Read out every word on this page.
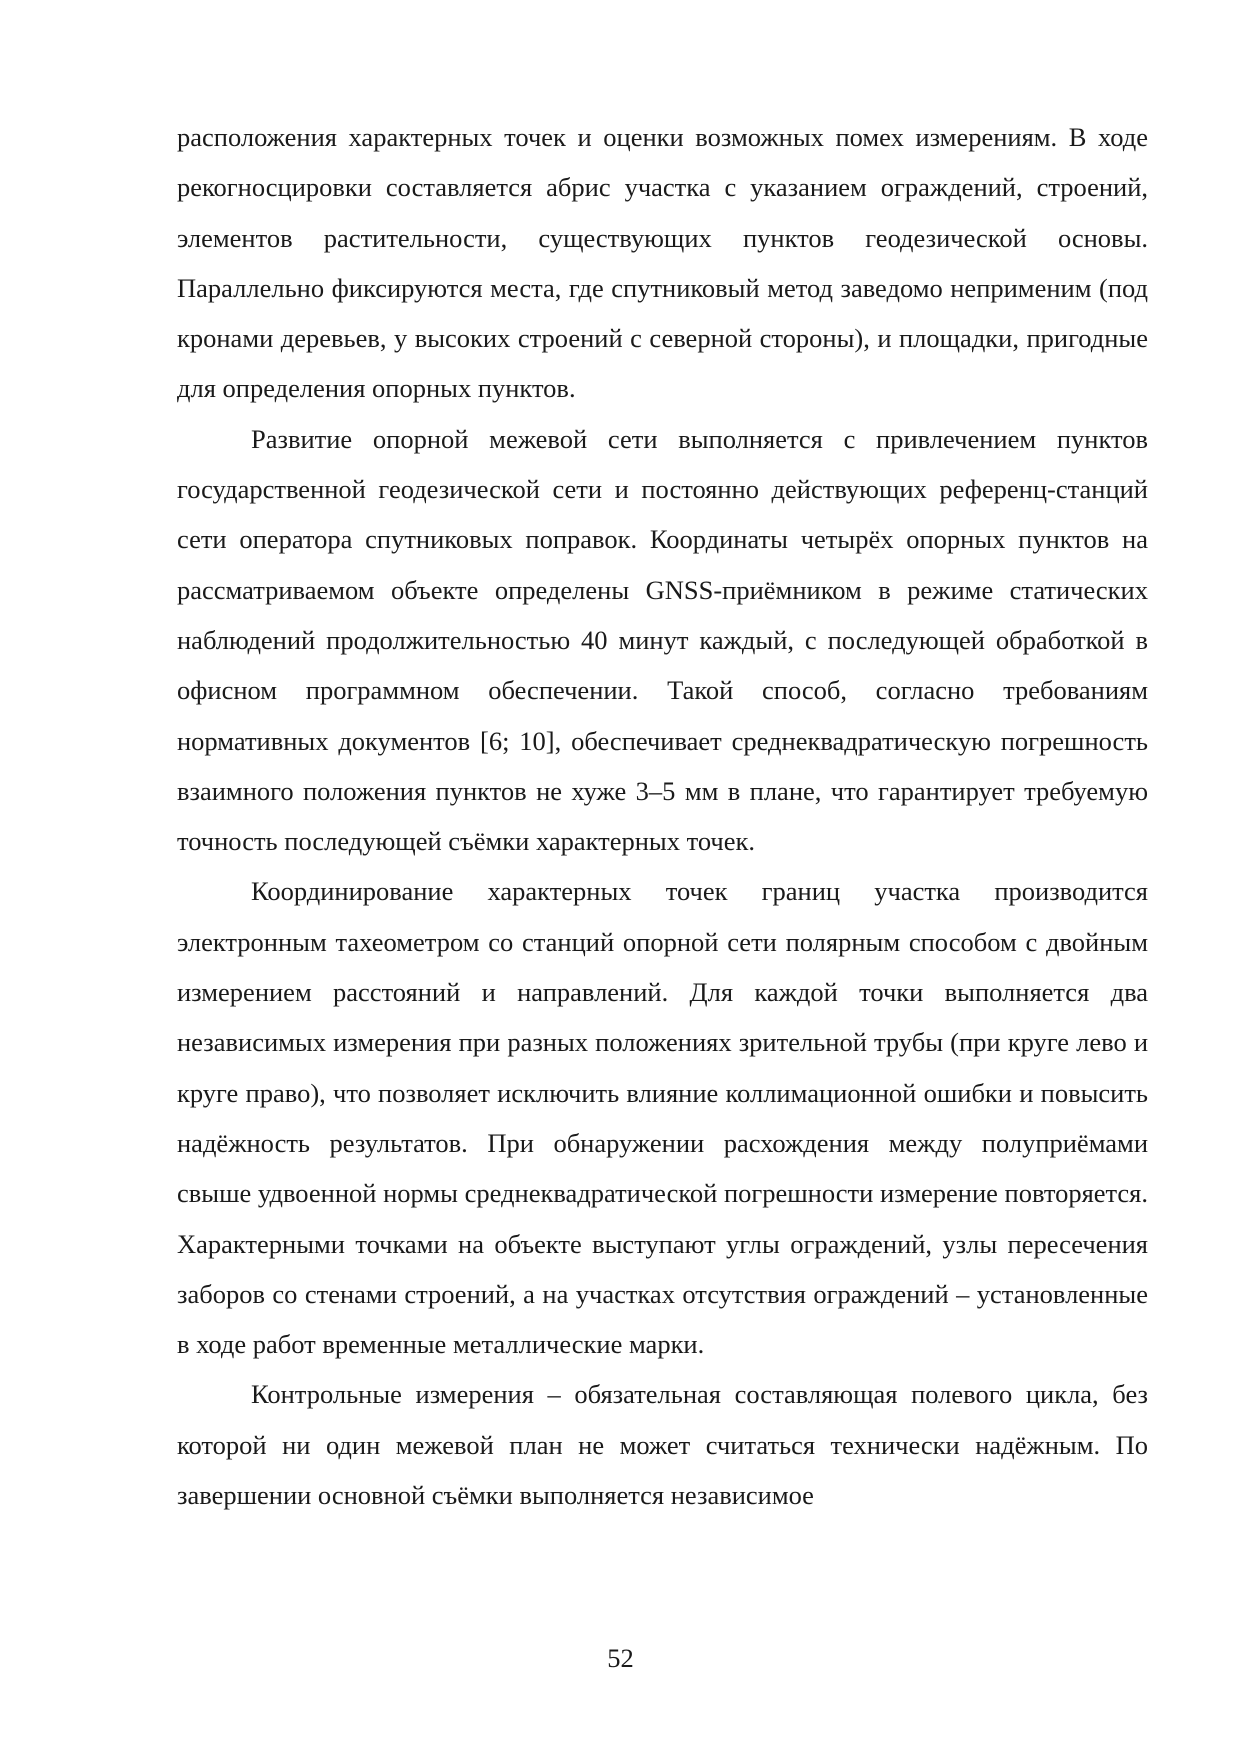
расположения характерных точек и оценки возможных помех измерениям. В ходе рекогносцировки составляется абрис участка с указанием ограждений, строений, элементов растительности, существующих пунктов геодезической основы. Параллельно фиксируются места, где спутниковый метод заведомо неприменим (под кронами деревьев, у высоких строений с северной стороны), и площадки, пригодные для определения опорных пунктов.

Развитие опорной межевой сети выполняется с привлечением пунктов государственной геодезической сети и постоянно действующих референц-станций сети оператора спутниковых поправок. Координаты четырёх опорных пунктов на рассматриваемом объекте определены GNSS-приёмником в режиме статических наблюдений продолжительностью 40 минут каждый, с последующей обработкой в офисном программном обеспечении. Такой способ, согласно требованиям нормативных документов [6; 10], обеспечивает среднеквадратическую погрешность взаимного положения пунктов не хуже 3–5 мм в плане, что гарантирует требуемую точность последующей съёмки характерных точек.

Координирование характерных точек границ участка производится электронным тахеометром со станций опорной сети полярным способом с двойным измерением расстояний и направлений. Для каждой точки выполняется два независимых измерения при разных положениях зрительной трубы (при круге лево и круге право), что позволяет исключить влияние коллимационной ошибки и повысить надёжность результатов. При обнаружении расхождения между полуприёмами свыше удвоенной нормы среднеквадратической погрешности измерение повторяется. Характерными точками на объекте выступают углы ограждений, узлы пересечения заборов со стенами строений, а на участках отсутствия ограждений – установленные в ходе работ временные металлические марки.

Контрольные измерения – обязательная составляющая полевого цикла, без которой ни один межевой план не может считаться технически надёжным. По завершении основной съёмки выполняется независимое

52
